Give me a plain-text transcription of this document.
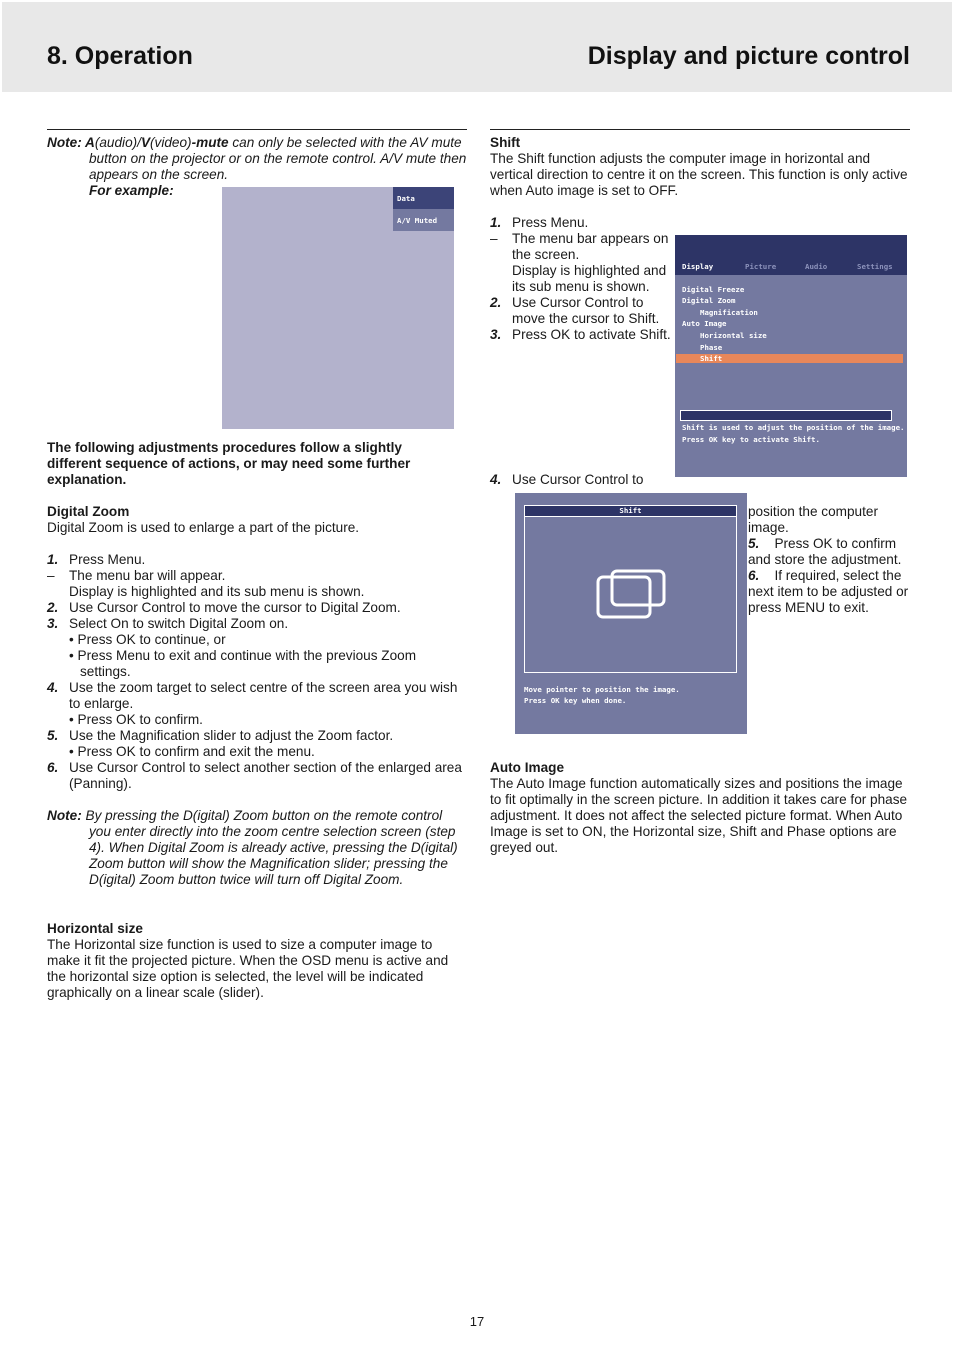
8. Operation	Display and picture control

Note: A(audio)/V(video)-mute can only be selected with the AV mute button on the projector or on the remote control. A/V mute then appears on the screen.

For example:

Data
A/V Muted
The following adjustments procedures follow a slightly different sequence of actions, or may need some further explanation.

Digital Zoom

Digital Zoom is used to enlarge a part of the picture.

1. Press Menu.
– The menu bar will appear.
Display is highlighted and its sub menu is shown.
2. Use Cursor Control to move the cursor to Digital Zoom.
3. Select On to switch Digital Zoom on.
• Press OK to continue, or
• Press Menu to exit and continue with the previous Zoom settings.
4. Use the zoom target to select centre of the screen area you wish to enlarge.
• Press OK to confirm.
5. Use the Magnification slider to adjust the Zoom factor.
• Press OK to confirm and exit the menu.
6. Use Cursor Control to select another section of the enlarged area (Panning).

Note: By pressing the D(igital) Zoom button on the remote control you enter directly into the zoom centre selection screen (step 4). When Digital Zoom is already active, pressing the D(igital) Zoom button will show the Magnification slider; pressing the D(igital) Zoom button twice will turn off Digital Zoom.

Horizontal size

The Horizontal size function is used to size a computer image to make it fit the projected picture. When the OSD menu is active and the horizontal size option is selected, the level will be indicated graphically on a linear scale (slider).

Shift

The Shift function adjusts the computer image in horizontal and vertical direction to centre it on the screen. This function is only active when Auto image is set to OFF.

1. Press Menu.
– The menu bar appears on the screen.
Display is highlighted and its sub menu is shown.
2. Use Cursor Control to move the cursor to Shift.
3. Press OK to activate Shift.
Display	Picture	Audio	Settings
Digital Freeze
Digital Zoom
Magnification
Auto Image
Horizontal size
Phase
Shift
Shift is used to adjust the position of the image.
Press OK key to activate Shift.
4. Use Cursor Control to
Shift
Move pointer to position the image.
Press OK key when done.

position the computer image.

5. Press OK to confirm and store the adjustment.

6. If required, select the next item to be adjusted or press MENU to exit.

Auto Image

The Auto Image function automatically sizes and positions the image to fit optimally in the screen picture. In addition it takes care for phase adjustment. It does not affect the selected picture format. When Auto Image is set to ON, the Horizontal size, Shift and Phase options are greyed out.

17
